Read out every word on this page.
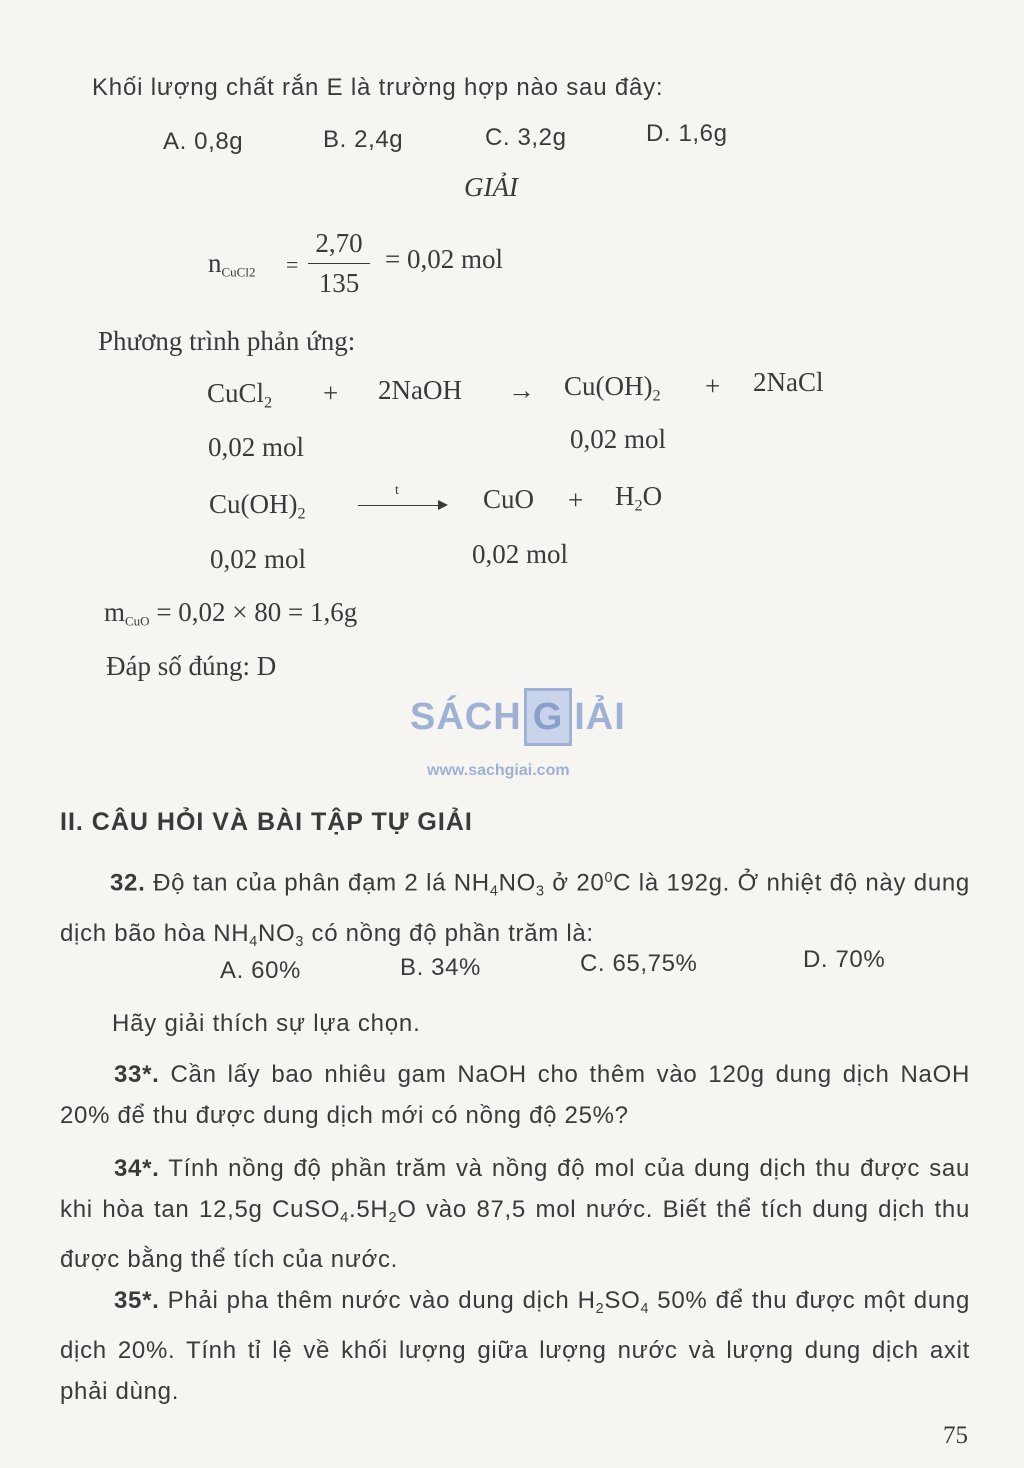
Khối lượng chất rắn E là trường hợp nào sau đây:
A. 0,8g	B. 2,4g	C. 3,2g	D. 1,6g
GIẢI
$n_{CuCl2}$ =
2,70
135
= 0,02 mol
Phương trình phản ứng:
CuCl$_2$ + 2NaOH → $Cu(OH)_2$ + 2NaCl
0,02 mol	0,02 mol
$Cu(OH)_2$
t	CuO + $H_2O$
0,02 mol	0,02 mol
$m_{CuO} = 0,02 \times 80 = 1,6g$
Đáp số đúng: D
SÁCH G IẢI
www.sachgiai.com
II. CÂU HỎI VÀ BÀI TẬP TỰ GIẢI
32. Độ tan của phân đạm 2 lá $NH_4NO_3$ ở $20^0C$ là 192g. Ở nhiệt độ này dung dịch bão hòa $NH_4NO_3$ có nồng độ phần trăm là:
A. 60%	B. 34%	C. 65,75%	D. 70%
Hãy giải thích sự lựa chọn.
33*. Cần lấy bao nhiêu gam NaOH cho thêm vào 120g dung dịch NaOH 20% để thu được dung dịch mới có nồng độ 25%?
34*. Tính nồng độ phần trăm và nồng độ mol của dung dịch thu được sau khi hòa tan 12,5g $CuSO_4.5H_2O$ vào 87,5 mol nước. Biết thể tích dung dịch thu được bằng thể tích của nước.
35*. Phải pha thêm nước vào dung dịch $H_2SO_4$ 50% để thu được một dung dịch 20%. Tính tỉ lệ về khối lượng giữa lượng nước và lượng dung dịch axit phải dùng.
75
